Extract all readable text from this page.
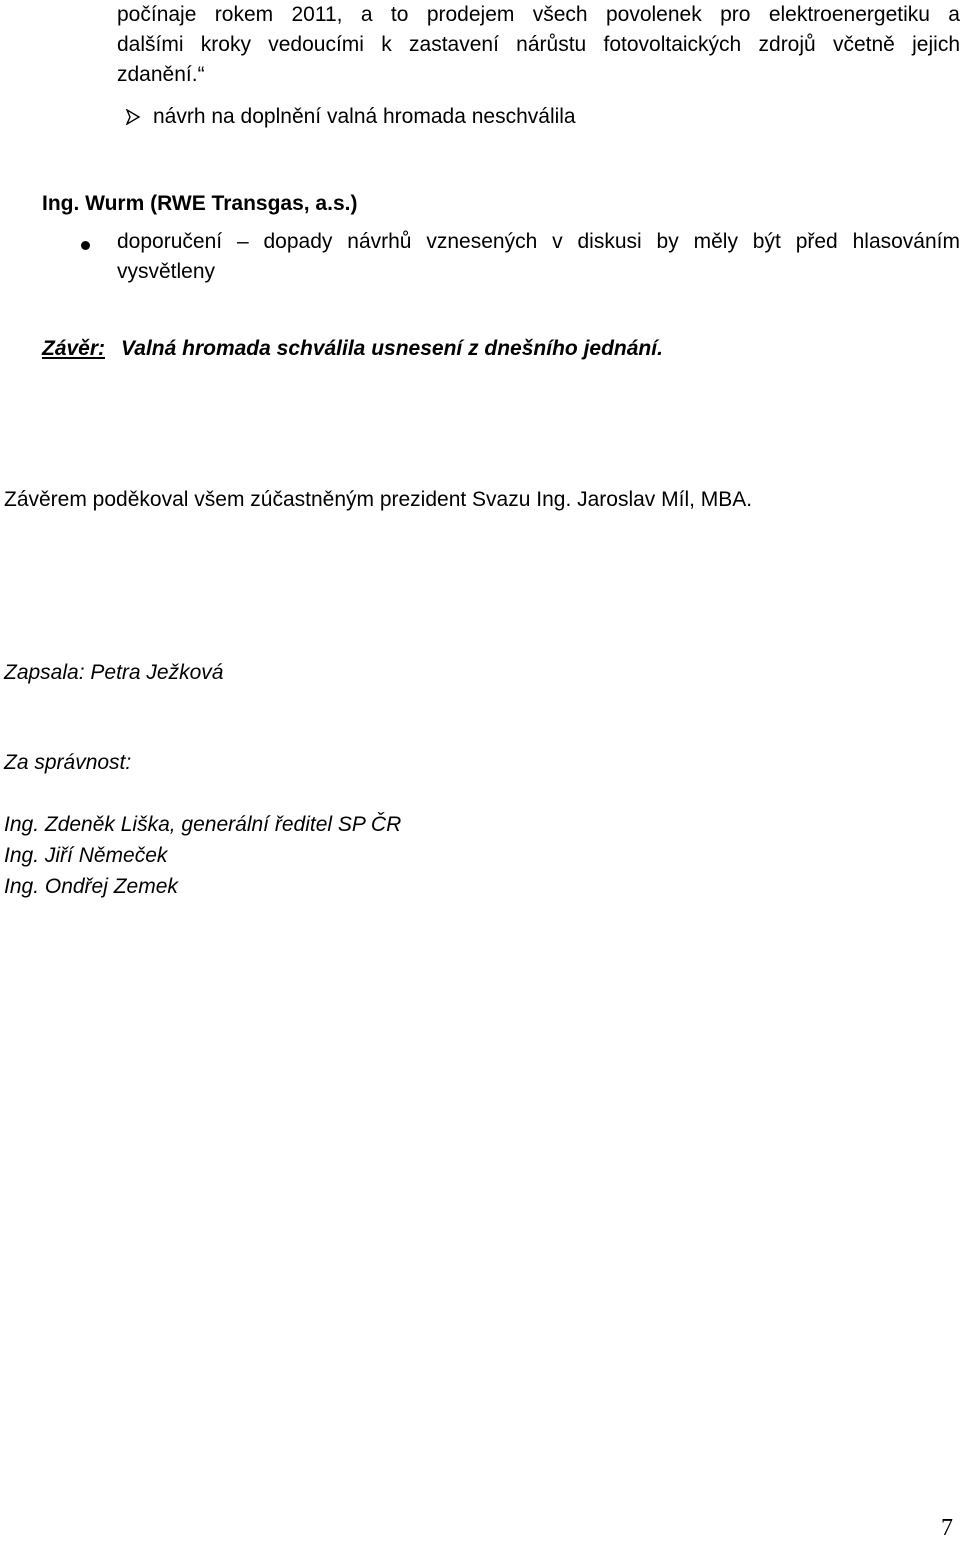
počínaje rokem 2011, a to prodejem všech povolenek pro elektroenergetiku a
dalšími kroky vedoucími k zastavení nárůstu fotovoltaických zdrojů včetně jejich
zdanění.“
návrh na doplnění valná hromada neschválila
Ing. Wurm (RWE Transgas, a.s.)
doporučení – dopady návrhů vznesených v diskusi by měly být před hlasováním
vysvětleny
Závěr: Valná hromada schválila usnesení z dnešního jednání.
Závěrem poděkoval všem zúčastněným prezident Svazu Ing. Jaroslav Míl, MBA.
Zapsala: Petra Ježková
Za správnost:
Ing. Zdeněk Liška, generální ředitel SP ČR
Ing. Jiří Němeček
Ing. Ondřej Zemek
7
